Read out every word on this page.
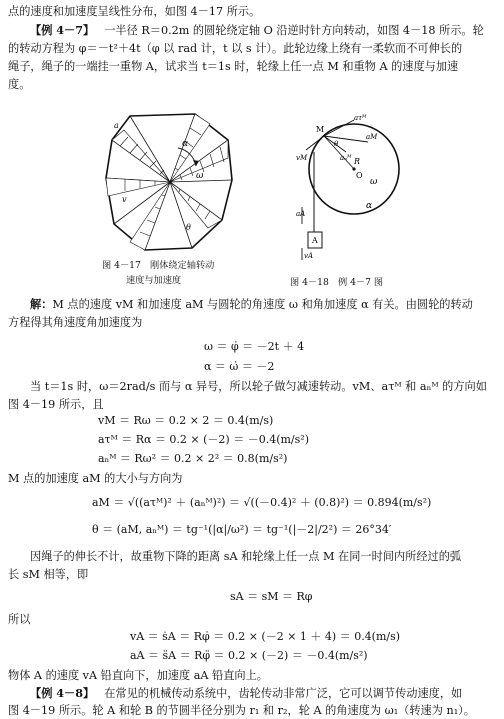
点的速度和加速度呈线性分布，如图 4－17 所示。
【例 4－7】 一半径 R＝0.2m 的圆轮绕定轴 O 沿逆时针方向转动，如图 4－18 所示。轮
的转动方程为 φ＝－t²＋4t（φ 以 rad 计，t 以 s 计）。此轮边缘上绕有一柔软而不可伸长的
绳子，绳子的一端挂一重物 A，试求当 t＝1s 时，轮缘上任一点 M 和重物 A 的速度与加速
度。
a
v
α
ω
θ
图 4－17　刚体绕定轴转动
速度与加速度
M
R
O
A
aτᴹ
aM
aₙᴹ
vM
θ
ω
α
aA
vA
图 4－18　例 4－7 图
解：M 点的速度 vM 和加速度 aM 与圆轮的角速度 ω 和角加速度 α 有关。由圆轮的转动
方程得其角速度角加速度为
ω ＝ φ̇ ＝ －2t ＋ 4
α ＝ ω̇ ＝ －2
当 t＝1s 时，ω＝2rad/s 而与 α 异号，所以轮子做匀减速转动。vM、aτᴹ 和 aₙᴹ 的方向如
图 4－19 所示，且
vM ＝ Rω ＝ 0.2 × 2 ＝ 0.4(m/s)
aτᴹ ＝ Rα ＝ 0.2 × (－2) ＝ －0.4(m/s²)
aₙᴹ ＝ Rω² ＝ 0.2 × 2² ＝ 0.8(m/s²)
M 点的加速度 aM 的大小与方向为
aM ＝ √((aτᴹ)² ＋ (aₙᴹ)²) ＝ √((－0.4)² ＋ (0.8)²) ＝ 0.894(m/s²)
θ ＝ (aM, aₙᴹ) ＝ tg⁻¹(|α|/ω²) ＝ tg⁻¹(|－2|/2²) ＝ 26°34′
因绳子的伸长不计，故重物下降的距离 sA 和轮缘上任一点 M 在同一时间内所经过的弧
长 sM 相等，即
sA ＝ sM ＝ Rφ
所以
vA ＝ ṡA ＝ Rφ̇ ＝ 0.2 × (－2 × 1 ＋ 4) ＝ 0.4(m/s)
aA ＝ s̈A ＝ Rφ̈ ＝ 0.2 × (－2) ＝ －0.4(m/s²)
物体 A 的速度 vA 铅直向下，加速度 aA 铅直向上。
【例 4－8】 在常见的机械传动系统中，齿轮传动非常广泛，它可以调节传动速度，如
图 4－19 所示。轮 A 和轮 B 的节圆半径分别为 r₁ 和 r₂，轮 A 的角速度为 ω₁（转速为 n₁）。
